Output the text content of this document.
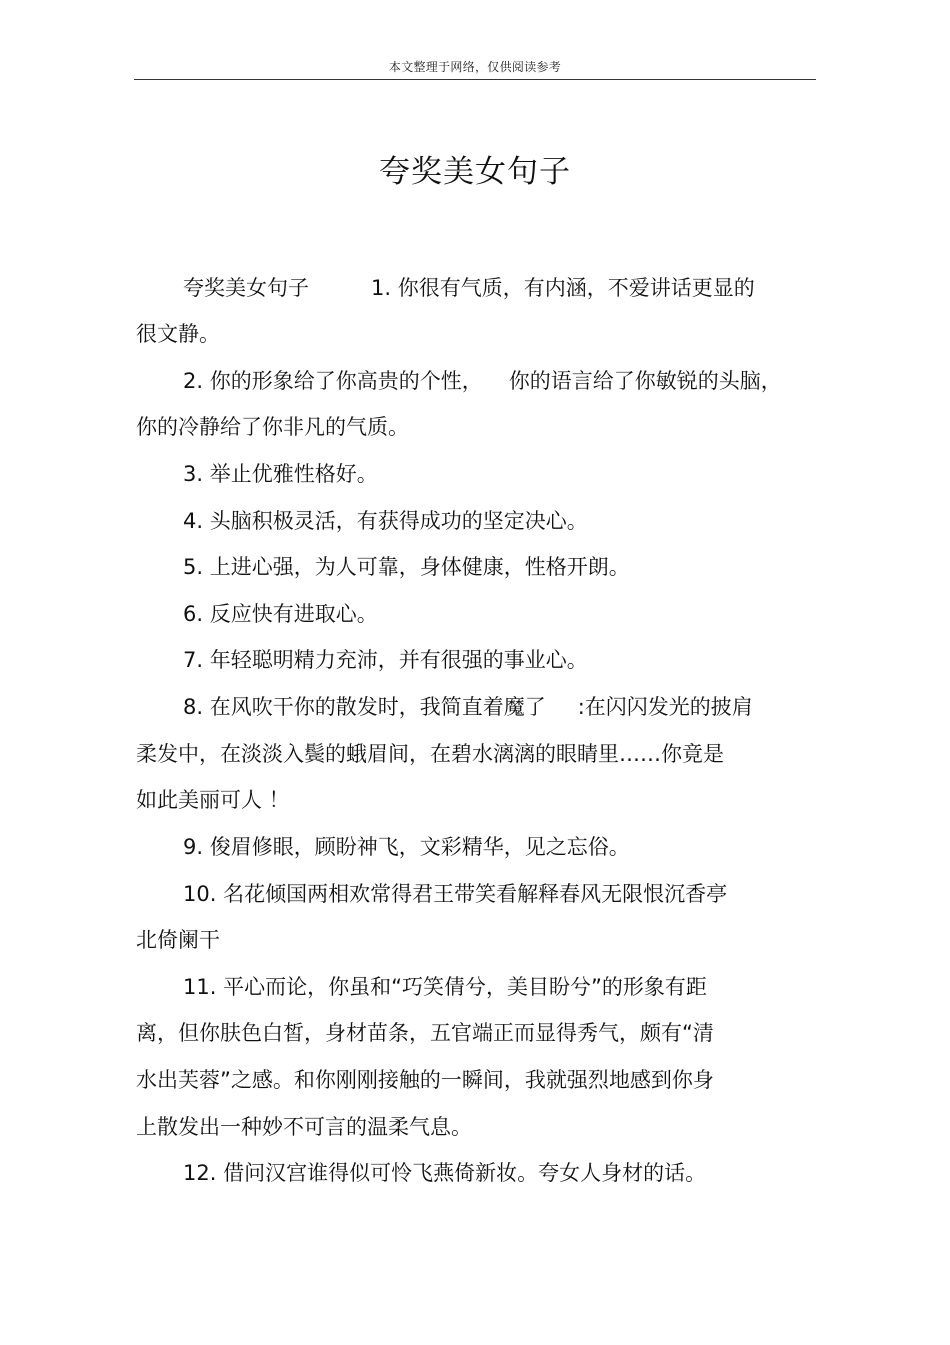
本文整理于网络，仅供阅读参考
夸奖美女句子
夸奖美女句子	1. 你很有气质，有内涵，不爱讲话更显的
很文静。
2. 你的形象给了你高贵的个性， 你的语言给了你敏锐的头脑，
你的冷静给了你非凡的气质。
3. 举止优雅性格好。
4. 头脑积极灵活，有获得成功的坚定决心。
5. 上进心强，为人可靠，身体健康，性格开朗。
6. 反应快有进取心。
7. 年轻聪明精力充沛，并有很强的事业心。
8. 在风吹干你的散发时，我简直着魔了 :在闪闪发光的披肩
柔发中，在淡淡入鬓的蛾眉间，在碧水漓漓的眼睛里……你竟是
如此美丽可人 ！
9. 俊眉修眼，顾盼神飞，文彩精华，见之忘俗。
10. 名花倾国两相欢常得君王带笑看解释春风无限恨沉香亭
北倚阑干
11. 平心而论，你虽和“巧笑倩兮，美目盼兮”的形象有距
离，但你肤色白皙，身材苗条，五官端正而显得秀气，颇有“清
水出芙蓉”之感。和你刚刚接触的一瞬间，我就强烈地感到你身
上散发出一种妙不可言的温柔气息。
12. 借问汉宫谁得似可怜飞燕倚新妆。夸女人身材的话。
